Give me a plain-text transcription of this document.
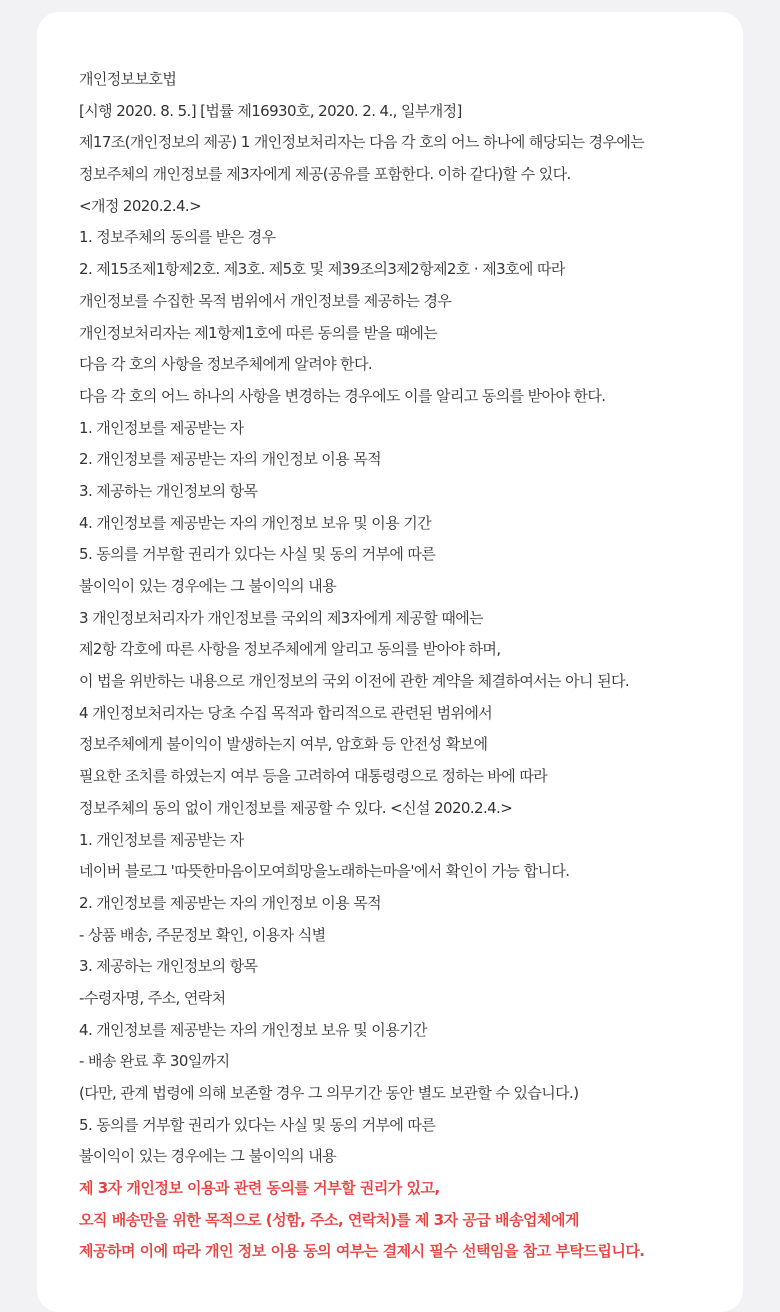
개인정보보호법
[시행 2020. 8. 5.] [법률 제16930호, 2020. 2. 4., 일부개정]
제17조(개인정보의 제공) 1 개인정보처리자는 다음 각 호의 어느 하나에 해당되는 경우에는
정보주체의 개인정보를 제3자에게 제공(공유를 포함한다. 이하 같다)할 수 있다.
<개정 2020.2.4.>
1. 정보주체의 동의를 받은 경우
2. 제15조제1항제2호. 제3호. 제5호 및 제39조의3제2항제2호 · 제3호에 따라
개인정보를 수집한 목적 범위에서 개인정보를 제공하는 경우
개인정보처리자는 제1항제1호에 따른 동의를 받을 때에는
다음 각 호의 사항을 정보주체에게 알려야 한다.
다음 각 호의 어느 하나의 사항을 변경하는 경우에도 이를 알리고 동의를 받아야 한다.
1. 개인정보를 제공받는 자
2. 개인정보를 제공받는 자의 개인정보 이용 목적
3. 제공하는 개인정보의 항목
4. 개인정보를 제공받는 자의 개인정보 보유 및 이용 기간
5. 동의를 거부할 권리가 있다는 사실 및 동의 거부에 따른
불이익이 있는 경우에는 그 불이익의 내용
3 개인정보처리자가 개인정보를 국외의 제3자에게 제공할 때에는
제2항 각호에 따른 사항을 정보주체에게 알리고 동의를 받아야 하며,
이 법을 위반하는 내용으로 개인정보의 국외 이전에 관한 계약을 체결하여서는 아니 된다.
4 개인정보처리자는 당초 수집 목적과 합리적으로 관련된 범위에서
정보주체에게 불이익이 발생하는지 여부, 암호화 등 안전성 확보에
필요한 조치를 하였는지 여부 등을 고려하여 대통령령으로 정하는 바에 따라
정보주체의 동의 없이 개인정보를 제공할 수 있다. <신설 2020.2.4.>
1. 개인정보를 제공받는 자
네이버 블로그 '따뜻한마음이모여희망을노래하는마을'에서 확인이 가능 합니다.
2. 개인정보를 제공받는 자의 개인정보 이용 목적
- 상품 배송, 주문정보 확인, 이용자 식별
3. 제공하는 개인정보의 항목
-수령자명, 주소, 연락처
4. 개인정보를 제공받는 자의 개인정보 보유 및 이용기간
- 배송 완료 후 30일까지
(다만, 관계 법령에 의해 보존할 경우 그 의무기간 동안 별도 보관할 수 있습니다.)
5. 동의를 거부할 권리가 있다는 사실 및 동의 거부에 따른
불이익이 있는 경우에는 그 불이익의 내용
제 3자 개인정보 이용과 관련 동의를 거부할 권리가 있고,
오직 배송만을 위한 목적으로 (성함, 주소, 연락처)를 제 3자 공급 배송업체에게
제공하며 이에 따라 개인 정보 이용 동의 여부는 결제시 필수 선택임을 참고 부탁드립니다.
